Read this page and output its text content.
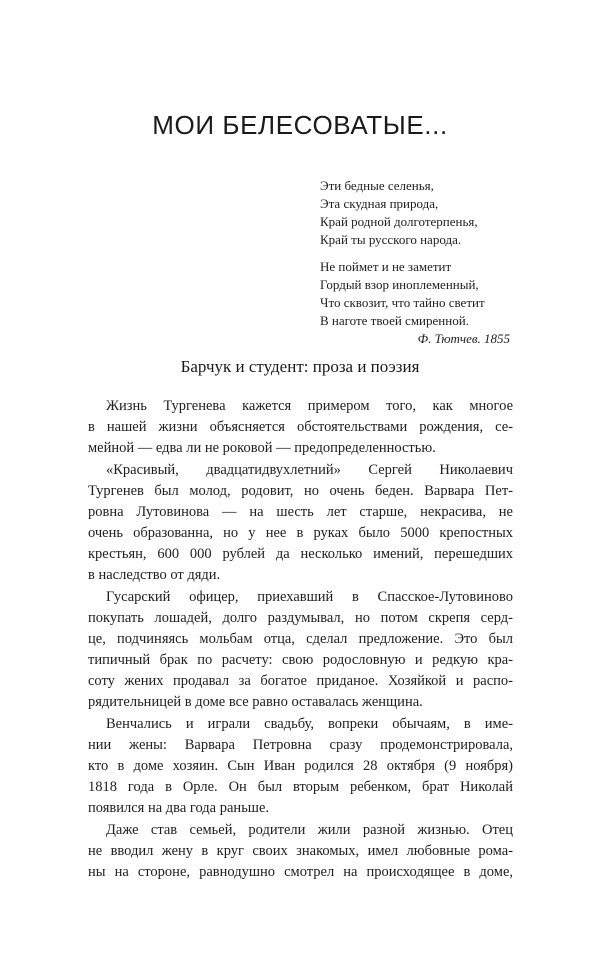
МОИ БЕЛЕСОВАТЫЕ...
Эти бедные селенья,
Эта скудная природа,
Край родной долготерпенья,
Край ты русского народа.
Не поймет и не заметит
Гордый взор иноплеменный,
Что сквозит, что тайно светит
В наготе твоей смиренной.
Ф. Тютчев. 1855
Барчук и студент: проза и поэзия

Жизнь Тургенева кажется примером того, как многое
в нашей жизни объясняется обстоятельствами рождения, се-
мейной — едва ли не роковой — предопределенностью.

«Красивый, двадцатидвухлетний» Сергей Николаевич
Тургенев был молод, родовит, но очень беден. Варвара Пет-
ровна Лутовинова — на шесть лет старше, некрасива, не
очень образованна, но у нее в руках было 5000 крепостных
крестьян, 600 000 рублей да несколько имений, перешедших
в наследство от дяди.

Гусарский офицер, приехавший в Спасское-Лутовиново
покупать лошадей, долго раздумывал, но потом скрепя серд-
це, подчиняясь мольбам отца, сделал предложение. Это был
типичный брак по расчету: свою родословную и редкую кра-
соту жених продавал за богатое приданое. Хозяйкой и распо-
рядительницей в доме все равно оставалась женщина.

Венчались и играли свадьбу, вопреки обычаям, в име-
нии жены: Варвара Петровна сразу продемонстрировала,
кто в доме хозяин. Сын Иван родился 28 октября (9 ноября)
1818 года в Орле. Он был вторым ребенком, брат Николай
появился на два года раньше.

Даже став семьей, родители жили разной жизнью. Отец
не вводил жену в круг своих знакомых, имел любовные рома-
ны на стороне, равнодушно смотрел на происходящее в доме,
